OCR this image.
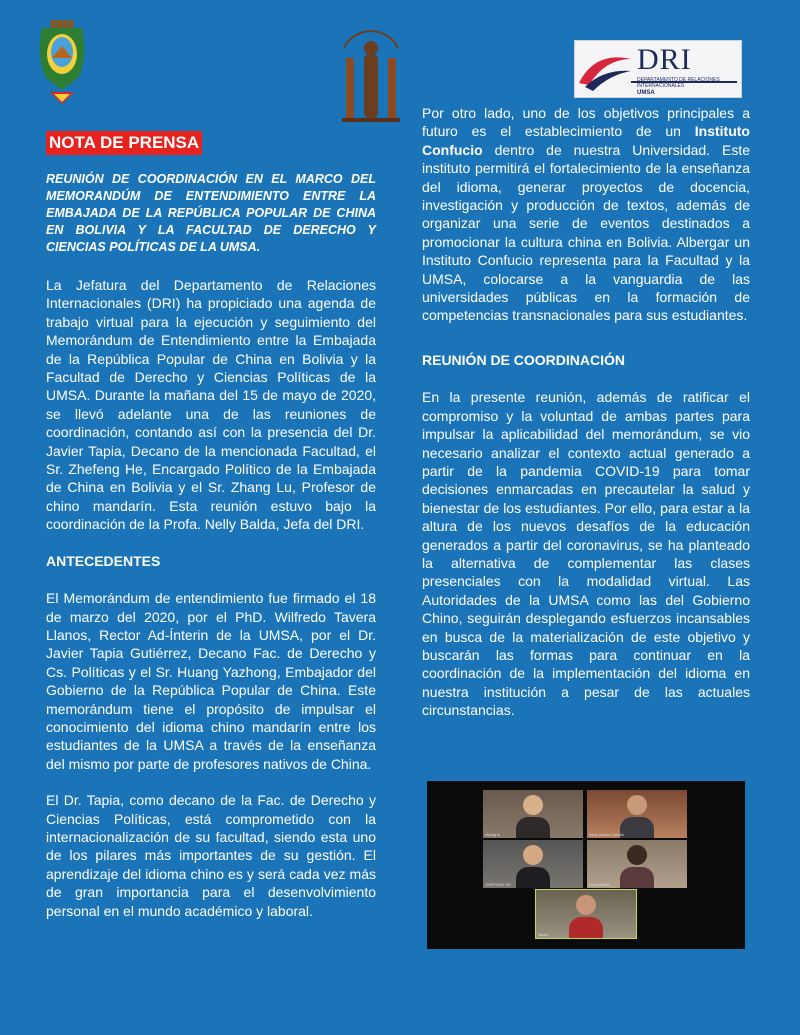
DRI
DEPARTAMENTO DE RELACIONES INTERNACIONALES
UMSA
NOTA DE PRENSA

REUNIÓN DE COORDINACIÓN EN EL MARCO DEL MEMORANDÚM DE ENTENDIMIENTO ENTRE LA EMBAJADA DE LA REPÚBLICA POPULAR DE CHINA EN BOLIVIA Y LA FACULTAD DE DERECHO Y CIENCIAS POLÍTICAS DE LA UMSA.

La Jefatura del Departamento de Relaciones Internacionales (DRI) ha propiciado una agenda de trabajo virtual para la ejecución y seguimiento del Memorándum de Entendimiento entre la Embajada de la República Popular de China en Bolivia y la Facultad de Derecho y Ciencias Políticas de la UMSA. Durante la mañana del 15 de mayo de 2020, se llevó adelante una de las reuniones de coordinación, contando así con la presencia del Dr. Javier Tapia, Decano de la mencionada Facultad, el Sr. Zhefeng He, Encargado Político de la Embajada de China en Bolivia y el Sr. Zhang Lu, Profesor de chino mandarín. Esta reunión estuvo bajo la coordinación de la Profa. Nelly Balda, Jefa del DRI.

ANTECEDENTES

El Memorándum de entendimiento fue firmado el 18 de marzo del 2020, por el PhD. Wilfredo Tavera Llanos, Rector Ad-Ínterin de la UMSA, por el Dr. Javier Tapia Gutiérrez, Decano Fac. de Derecho y Cs. Políticas y el Sr. Huang Yazhong, Embajador del Gobierno de la República Popular de China. Este memorándum tiene el propósito de impulsar el conocimiento del idioma chino mandarín entre los estudiantes de la UMSA a través de la enseñanza del mismo por parte de profesores nativos de China.

El Dr. Tapia, como decano de la Fac. de Derecho y Ciencias Políticas, está comprometido con la internacionalización de su facultad, siendo esta uno de los pilares más importantes de su gestión. El aprendizaje del idioma chino es y será cada vez más de gran importancia para el desenvolvimiento personal en el mundo académico y laboral.

Por otro lado, uno de los objetivos principales a futuro es el establecimiento de un Instituto Confucio dentro de nuestra Universidad. Este instituto permitirá el fortalecimiento de la enseñanza del idioma, generar proyectos de docencia, investigación y producción de textos, además de organizar una serie de eventos destinados a promocionar la cultura china en Bolivia. Albergar un Instituto Confucio representa para la Facultad y la UMSA, colocarse a la vanguardia de las universidades públicas en la formación de competencias transnacionales para sus estudiantes.

REUNIÓN DE COORDINACIÓN

En la presente reunión, además de ratificar el compromiso y la voluntad de ambas partes para impulsar la aplicabilidad del memorándum, se vio necesario analizar el contexto actual generado a partir de la pandemia COVID-19 para tomar decisiones enmarcadas en precautelar la salud y bienestar de los estudiantes. Por ello, para estar a la altura de los nuevos desafíos de la educación generados a partir del coronavirus, se ha planteado la alternativa de complementar las clases presenciales con la modalidad virtual. Las Autoridades de la UMSA como las del Gobierno Chino, seguirán desplegando esfuerzos incansables en busca de la materialización de este objetivo y buscarán las formas para continuar en la coordinación de la implementación del idioma en nuestra institución a pesar de las actuales circunstancias.

zhang lu	Nelly Balda Cabello
ZHEFENG HE	Nelly Balda
Javier
